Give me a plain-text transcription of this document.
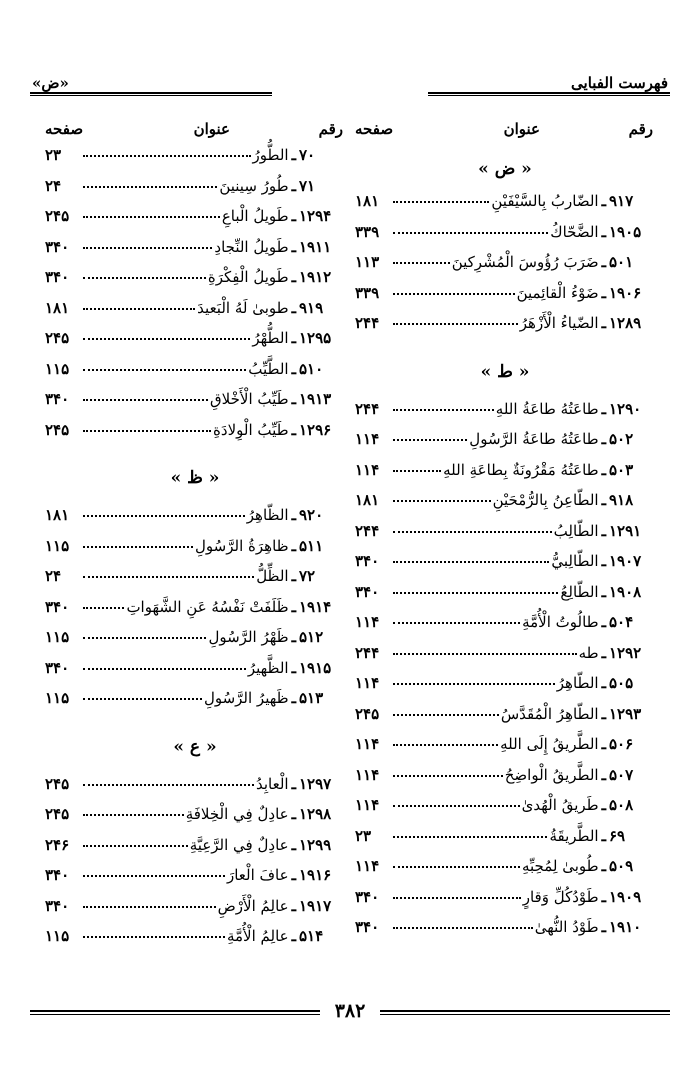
فهرست الفبايی
«ض»
رقم
عنوان
صفحه
« ض »
۹۱۷
ـ
الضّاربُ بِالسَّيْفَيْنِ
۱۸۱
۱۹۰۵
ـ
الضَّحّاكُ
۳۳۹
۵۰۱
ـ
ضَرَبَ رُؤُوسَ الْمُشْرِكينَ
۱۱۳
۱۹۰۶
ـ
ضَوْءُ الْقائِمينَ
۳۳۹
۱۲۸۹
ـ
الضّياءُ الْأَزْهَرُ
۲۴۴
« ط »
۱۲۹۰
ـ
طاعَتُهُ طاعَةُ اللهِ
۲۴۴
۵۰۲
ـ
طاعَتُهُ طاعَةُ الرَّسُولِ
۱۱۴
۵۰۳
ـ
طاعَتُهُ مَقْرُونَةٌ بِطاعَةِ اللهِ
۱۱۴
۹۱۸
ـ
الطّاعِنُ بِالرُّمْحَيْنِ
۱۸۱
۱۲۹۱
ـ
الطّالِبُ
۲۴۴
۱۹۰۷
ـ
الطّالِبيُّ
۳۴۰
۱۹۰۸
ـ
الطّالِعُ
۳۴۰
۵۰۴
ـ
طالُوتُ الْأُمَّةِ
۱۱۴
۱۲۹۲
ـ
طه
۲۴۴
۵۰۵
ـ
الطّاهِرُ
۱۱۴
۱۲۹۳
ـ
الطّاهِرُ الْمُقَدَّسُ
۲۴۵
۵۰۶
ـ
الطَّريقُ إِلَى اللهِ
۱۱۴
۵۰۷
ـ
الطَّريقُ الْواضِحُ
۱۱۴
۵۰۸
ـ
طَريقُ الْهُدىٰ
۱۱۴
۶۹
ـ
الطَّريقَةُ
۲۳
۵۰۹
ـ
طُوبىٰ لِمُحِبِّهِ
۱۱۴
۱۹۰۹
ـ
طَوْدُكُلِّ وَقارٍ
۳۴۰
۱۹۱۰
ـ
طَوْدُ النُّهىٰ
۳۴۰
رقم
عنوان
صفحه
۷۰
ـ
الطُّورُ
۲۳
۷۱
ـ
طُورُ سِينينَ
۲۴
۱۲۹۴
ـ
طَويلُ الْباعِ
۲۴۵
۱۹۱۱
ـ
طَويلُ النِّجادِ
۳۴۰
۱۹۱۲
ـ
طَويلُ الْفِكْرَةِ
۳۴۰
۹۱۹
ـ
طوبىٰ لَهُ الْبَعيدَ
۱۸۱
۱۲۹۵
ـ
الطُّهْرُ
۲۴۵
۵۱۰
ـ
الطَّيِّبُ
۱۱۵
۱۹۱۳
ـ
طَيِّبُ الْأَخْلاقِ
۳۴۰
۱۲۹۶
ـ
طَيِّبُ الْوِلادَةِ
۲۴۵
« ظ »
۹۲۰
ـ
الظّاهِرُ
۱۸۱
۵۱۱
ـ
ظاهِرَةُ الرَّسُولِ
۱۱۵
۷۲
ـ
الظِّلُّ
۲۴
۱۹۱۴
ـ
ظَلَفَتْ نَفْسُهُ عَنِ الشَّهَواتِ
۳۴۰
۵۱۲
ـ
ظَهْرُ الرَّسُولِ
۱۱۵
۱۹۱۵
ـ
الظَّهيرُ
۳۴۰
۵۱۳
ـ
ظَهيرُ الرَّسُولِ
۱۱۵
« ع »
۱۲۹۷
ـ
الْعابِدُ
۲۴۵
۱۲۹۸
ـ
عادِلٌ فِي الْخِلافَةِ
۲۴۵
۱۲۹۹
ـ
عادِلٌ فِي الرَّعِيَّةِ
۲۴۶
۱۹۱۶
ـ
عافَ الْعارَ
۳۴۰
۱۹۱۷
ـ
عالِمُ الْأَرْضِ
۳۴۰
۵۱۴
ـ
عالِمُ الْأُمَّةِ
۱۱۵
۳۸۲
